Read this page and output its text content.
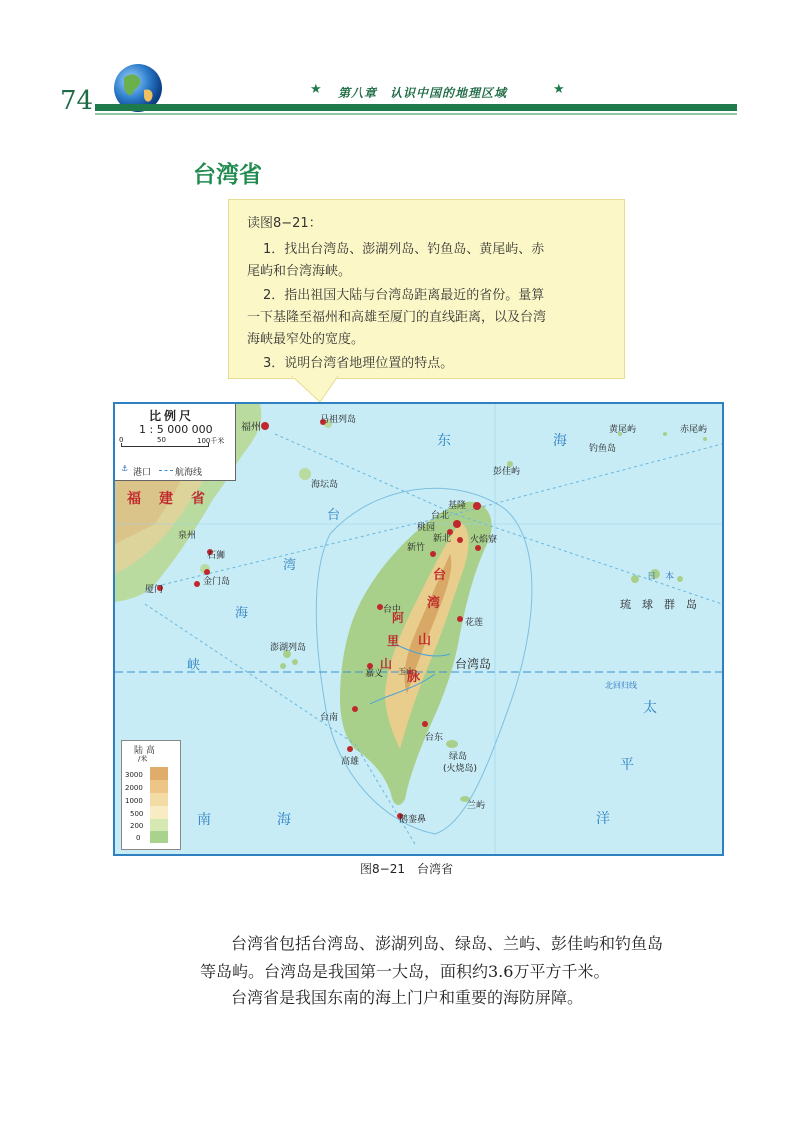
74	★ 第八章　认识中国的地理区域	★
台湾省
读图8−21：
1．找出台湾岛、澎湖列岛、钓鱼岛、黄尾屿、赤
尾屿和台湾海峡。
2．指出祖国大陆与台湾岛距离最近的省份。量算
一下基隆至福州和高雄至厦门的直线距离，以及台湾
海峡最窄处的宽度。
3．说明台湾省地理位置的特点。
比例尺
1 : 5 000 000
0	50	100千米
⚓ 港口	航海线
陆 高
/米
3000
2000
1000
500
200
0
福　建　省
福州
马祖列岛
海坛岛
泉州
石狮
厦门
金门岛
澎湖列岛
基隆
台北
新北
桃园
新竹
火焰寮
台中
花莲
嘉义 玉山
台南
高雄
台东
绿岛
(火烧岛)
兰屿
鹅銮鼻
彭佳屿
钓鱼岛
黄尾屿	赤尾屿
台湾岛
琉　球　群　岛
日　本
北回归线
台
湾
海
峡
东	海
南	海
太
平
洋
台
湾
山
脉
阿
里
山
图8−21　台湾省
台湾省包括台湾岛、澎湖列岛、绿岛、兰屿、彭佳屿和钓鱼岛
等岛屿。台湾岛是我国第一大岛，面积约3.6万平方千米。
台湾省是我国东南的海上门户和重要的海防屏障。
